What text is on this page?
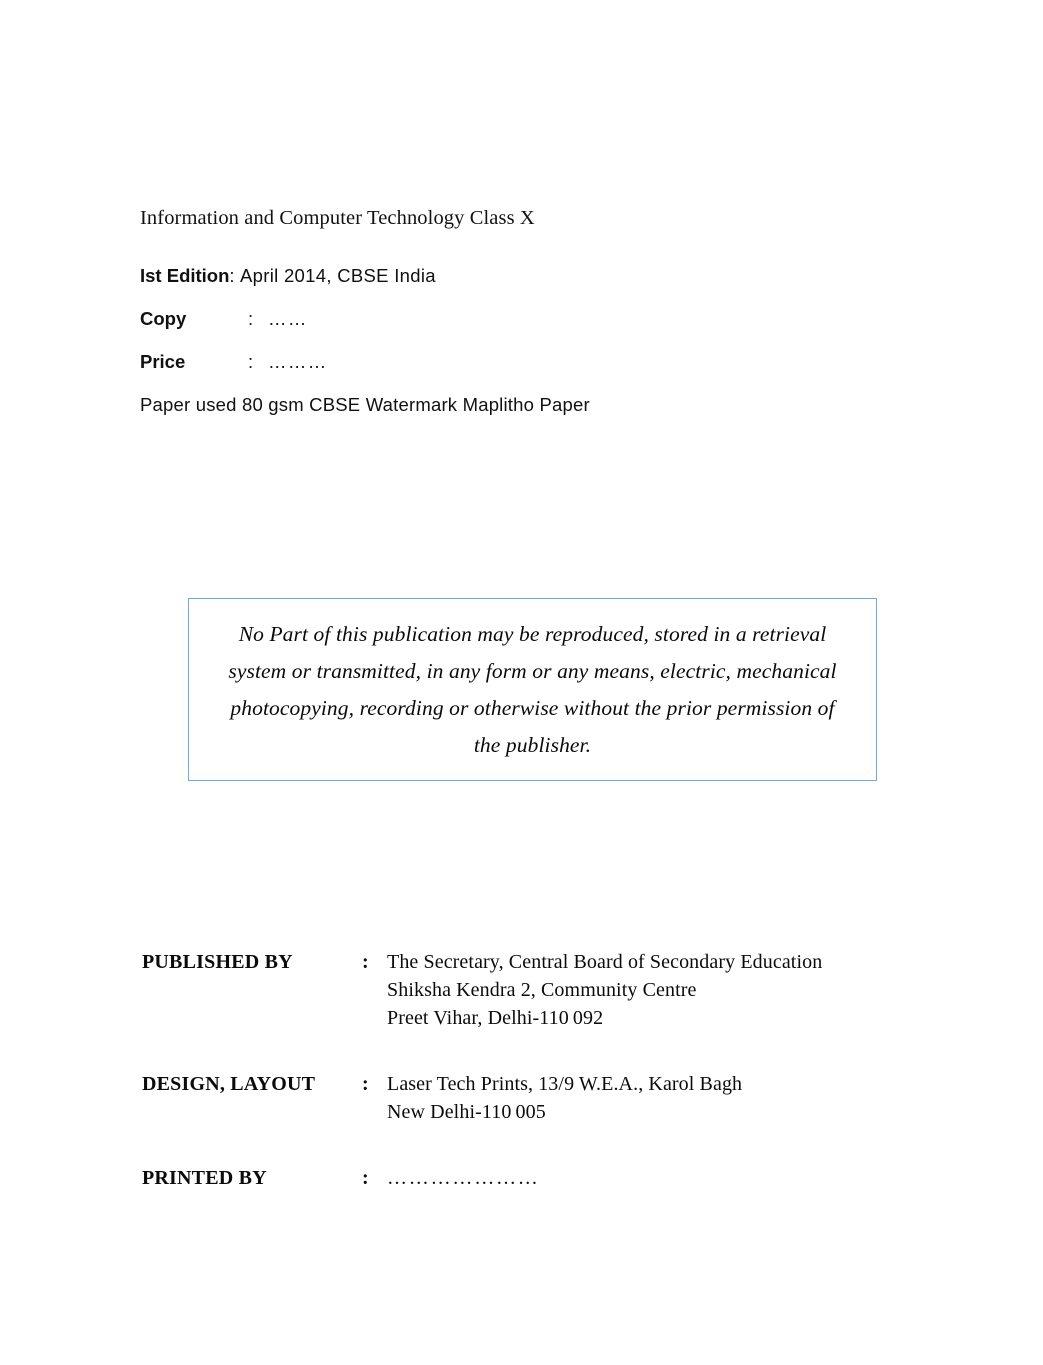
Information and Computer Technology Class X
Ist Edition :
April 2014, CBSE India
Copy	: ……
Price	: ………
Paper used 80 gsm CBSE Watermark Maplitho Paper
No Part of this publication may be reproduced, stored in a retrieval system or transmitted, in any form or any means, electric, mechanical photocopying, recording or otherwise without the prior permission of the publisher.
PUBLISHED BY	: The Secretary, Central Board of Secondary Education
Shiksha Kendra 2, Community Centre
Preet Vihar, Delhi-110 092
DESIGN, LAYOUT	: Laser Tech Prints, 13/9 W.E.A., Karol Bagh
New Delhi-110 005
PRINTED BY	: …………………
